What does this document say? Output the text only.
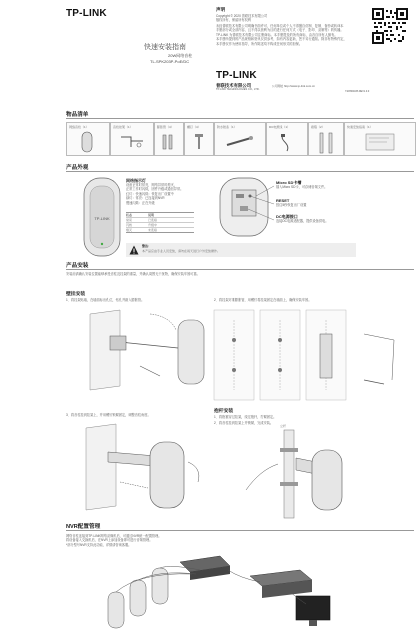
TP-LINK
快速安装指南
20W网络音柱
TL-SPK203P-PoE/DC
声明
Copyright © 2020 普联技术有限公司
版权所有，保留所有权利
未经普联技术有限公司明确书面许可，任何单位或个人不得擅自仿制、复制、誊抄或转译本
手册部分或全部内容，且不得以营利为目的进行任何方式（电子、影印、录制等）的传播。
TP-LINK 为普联技术有限公司注册商标。本手册提及的所有商标，由各自所有人拥有。
本手册所提到的产品规格和资讯仅供参考，如有内容更新，恕不另行通知。除非有特殊约定，
本手册仅作为使用指导，所作陈述均不构成任何形式的担保。
TP-LINK
普联技术有限公司
TP-LINK TECHNOLOGIES CO., LTD.
公司网址 http://www.tp-link.com.cn
7103504036 REV1.0.0
物品清单
网络音柱（1）	音柱挂架（1）	膨胀管（4）	螺钉（4）	防水胶条（1）	DC电源线（1）	抱箍（2）	快速安装指南（1）
产品外观
TP-LINK
网络指示灯
设备正常时常亮，网络异常时熄灭，
正常工作时闪烁，固件升级或通信异常。
红灯：快速闪烁：恢复出厂设置中
绿灯：常亮：已连接到NVR
慢速闪烁：正在升级
状态	说明
常亮	已连接
闪烁	升级中
熄灭	未连接
Micro SD卡槽
插入Micro SD卡，可存储音频文件。
RESET
按住5秒恢复出厂设置
DC电源接口
连接DC电源适配器，提供设备供电。
警告：
本产品应由专业人员安装，请勿在雨天进行户外安装操作。
产品安装
安装前请确认安装位置能够承受音柱及挂架的重量，并确认周围无干扰物，确保安装牢固可靠。
壁挂安装
1．将挂架贴墙，在墙面标出孔位，钻孔并敲入膨胀管。	2．将挂架对准膨胀管，用螺钉将挂架固定在墙面上，确保安装牢固。
3．将音柱挂到挂架上，并用螺钉锁紧固定，调整音柱角度。
抱杆安装
1．将抱箍穿过挂架，绕过抱杆，拧紧固定。
2．将音柱挂到挂架上并锁紧，完成安装。
立杆
NVR配置管理
网络音柱连接到TP-LINK网络录像机后，可通过NVR统一配置管理。
将设备接入交换机后，在NVR上添加设备即可进行音频管理。
*部分型号NVR支持此功能，详情请咨询客服。
